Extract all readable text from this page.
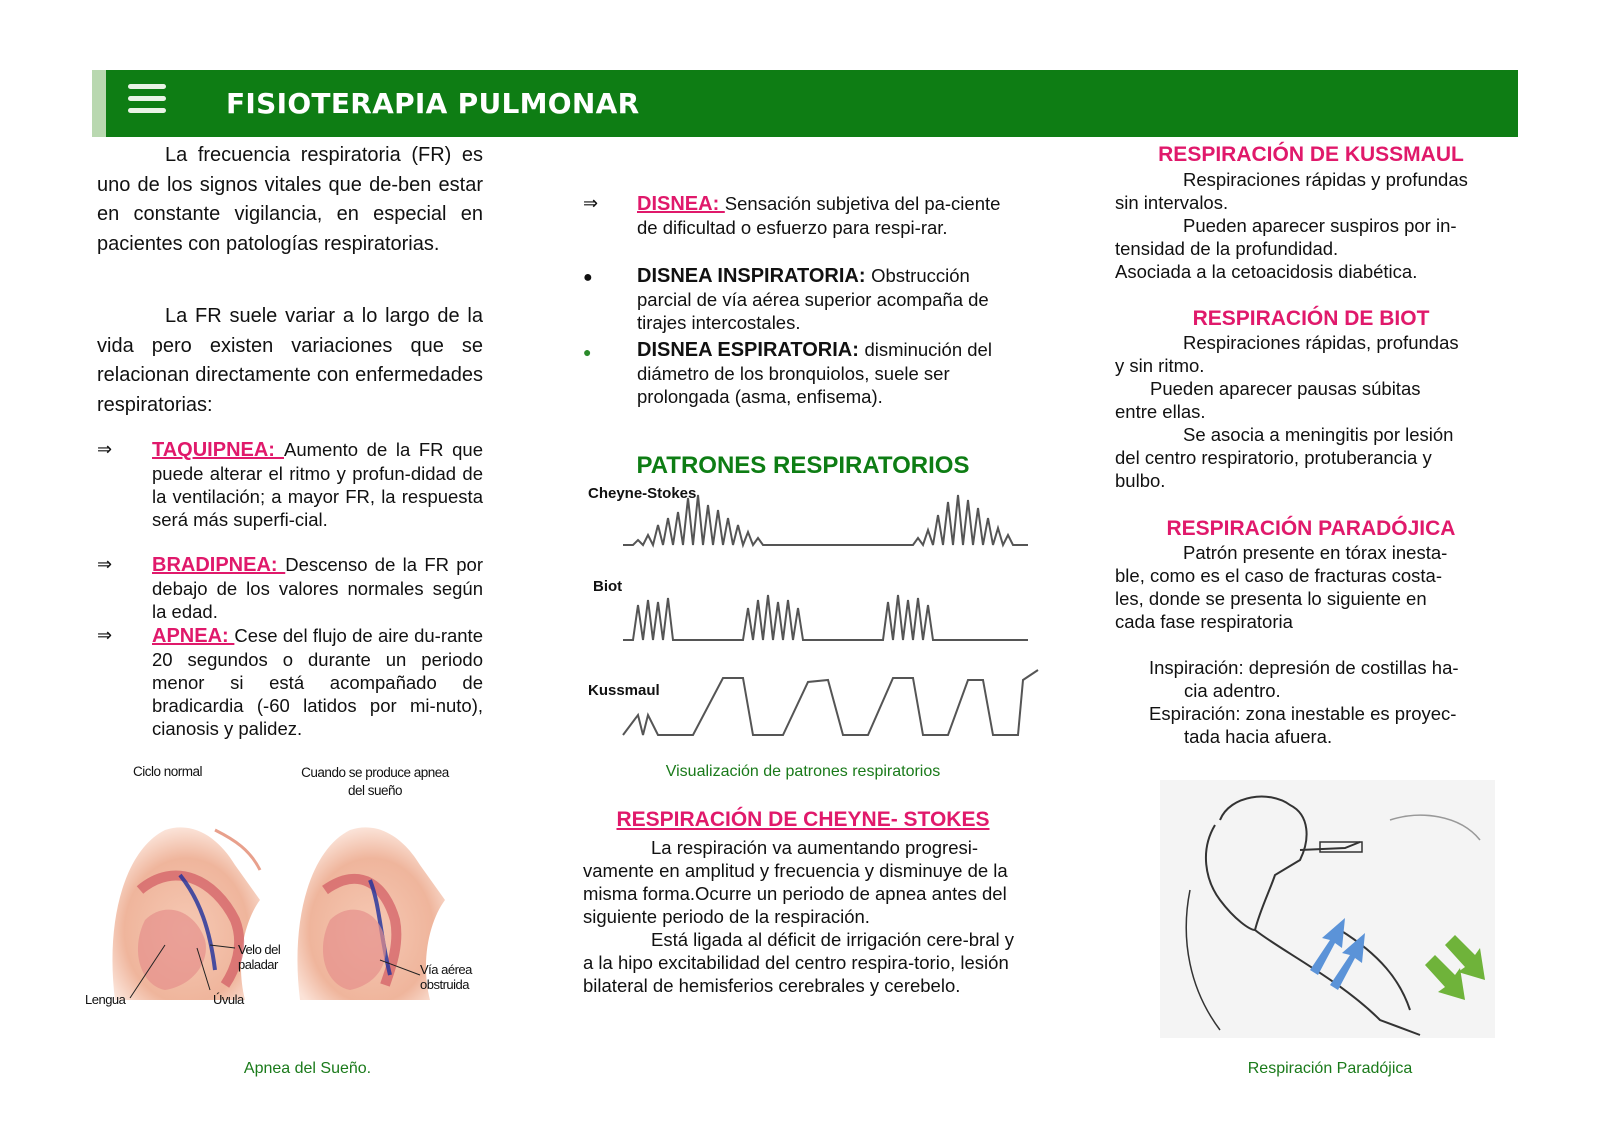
FISIOTERAPIA PULMONAR

La frecuencia respiratoria (FR) es uno de los signos vitales que de-ben estar en constante vigilancia, en especial en pacientes con patologías respiratorias.

La FR suele variar a lo largo de la vida pero existen variaciones que se relacionan directamente con enfermedades respiratorias:

⇒ TAQUIPNEA: Aumento de la FR que puede alterar el ritmo y profun-didad de la ventilación; a mayor FR, la respuesta será más superfi-cial.
⇒ BRADIPNEA: Descenso de la FR por debajo de los valores normales según la edad.
⇒ APNEA: Cese del flujo de aire du-rante 20 segundos o durante un periodo menor si está acompañado de bradicardia (-60 latidos por mi-nuto), cianosis y palidez.
Ciclo normal	Cuando se produce apnea del sueño
Velo del paladar
Lengua	Úvula
Vía aérea obstruida
Apnea del Sueño.
⇒ DISNEA: Sensación subjetiva del pa-ciente de dificultad o esfuerzo para respi-rar.
● DISNEA INSPIRATORIA: Obstrucción parcial de vía aérea superior acompaña de tirajes intercostales.
● DISNEA ESPIRATORIA: disminución del diámetro de los bronquiolos, suele ser prolongada (asma, enfisema).
PATRONES RESPIRATORIOS
Cheyne-Stokes
Biot
Kussmaul
Visualización de patrones respiratorios
RESPIRACIÓN DE CHEYNE- STOKES
La respiración va aumentando progresi-vamente en amplitud y frecuencia y disminuye de la misma forma.Ocurre un periodo de apnea antes del siguiente periodo de la respiración.
Está ligada al déficit de irrigación cere-bral y a la hipo excitabilidad del centro respira-torio, lesión bilateral de hemisferios cerebrales y cerebelo.
RESPIRACIÓN DE KUSSMAUL
Respiraciones rápidas y profundas
sin intervalos.
Pueden aparecer suspiros por in-
tensidad de la profundidad.
Asociada a la cetoacidosis diabética.
RESPIRACIÓN DE BIOT
Respiraciones rápidas, profundas
y sin ritmo.
Pueden aparecer pausas súbitas
entre ellas.
Se asocia a meningitis por lesión
del centro respiratorio, protuberancia y
bulbo.
RESPIRACIÓN PARADÓJICA
Patrón presente en tórax inesta-
ble, como es el caso de fracturas costa-
les, donde se presenta lo siguiente en
cada fase respiratoria
Inspiración: depresión de costillas ha-
cia adentro.
Espiración: zona inestable es proyec-
tada hacia afuera.
Respiración Paradójica
